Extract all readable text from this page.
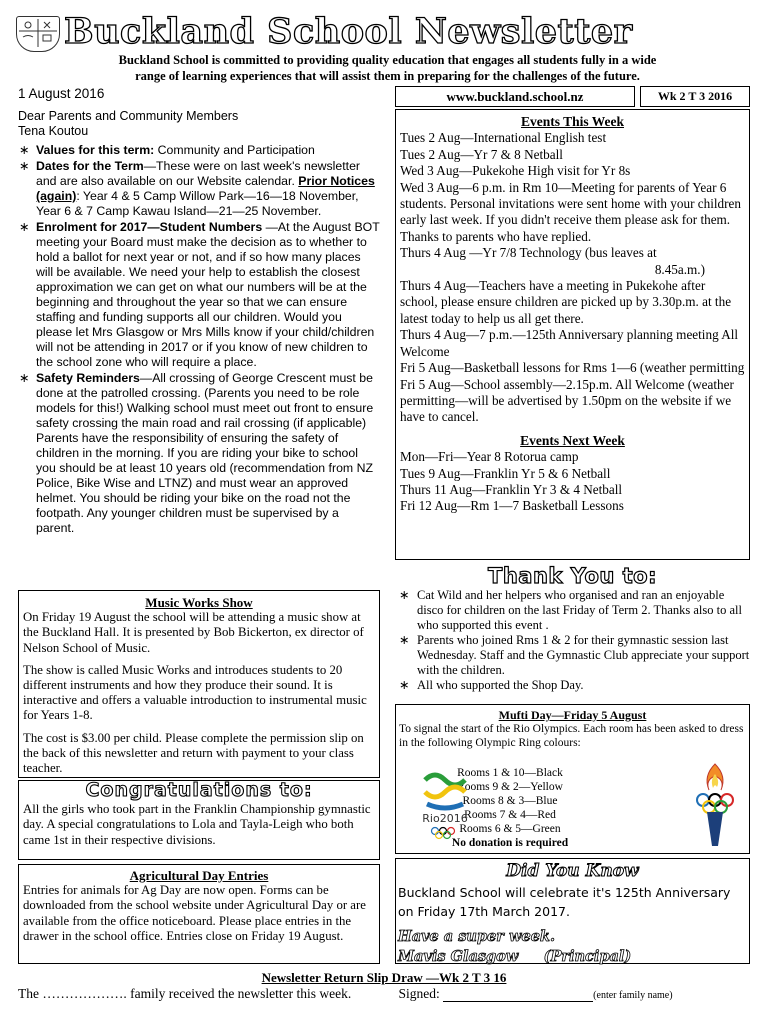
Buckland School Newsletter
Buckland School is committed to providing quality education that engages all students fully in a wide
range of learning experiences that will assist them in preparing for the challenges of the future.
1 August 2016
Dear Parents and Community Members
Tena Koutou
∗ Values for this term: Community and Participation
∗ Dates for the Term—These were on last week's newsletter and are also available on our Website calendar. Prior Notices (again): Year 4 & 5 Camp Willow Park—16—18 November, Year 6 & 7 Camp Kawau Island—21—25 November.
∗ Enrolment for 2017—Student Numbers —At the August BOT meeting your Board must make the decision as to whether to hold a ballot for next year or not, and if so how many places will be available. We need your help to establish the closest approximation we can get on what our numbers will be at the beginning and throughout the year so that we can ensure staffing and funding supports all our children. Would you please let Mrs Glasgow or Mrs Mills know if your child/children will not be attending in 2017 or if you know of new children to the school zone who will require a place.
∗ Safety Reminders—All crossing of George Crescent must be done at the patrolled crossing. (Parents you need to be role models for this!) Walking school must meet out front to ensure safety crossing the main road and rail crossing (if applicable) Parents have the responsibility of ensuring the safety of children in the morning. If you are riding your bike to school you should be at least 10 years old (recommendation from NZ Police, Bike Wise and LTNZ) and must wear an approved helmet. You should be riding your bike on the road not the footpath. Any younger children must be supervised by a parent.
www.buckland.school.nz	Wk 2 T 3 2016
Events This Week

Tues 2 Aug—International English test

Tues 2 Aug—Yr 7 & 8 Netball

Wed 3 Aug—Pukekohe High visit for Yr 8s

Wed 3 Aug—6 p.m. in Rm 10—Meeting for parents of Year 6 students. Personal invitations were sent home with your children early last week. If you didn't receive them please ask for them. Thanks to parents who have replied.

Thurs 4 Aug —Yr 7/8 Technology (bus leaves at

8.45a.m.)

Thurs 4 Aug—Teachers have a meeting in Pukekohe after school, please ensure children are picked up by 3.30p.m. at the latest today to help us all get there.

Thurs 4 Aug—7 p.m.—125th Anniversary planning meeting All Welcome

Fri 5 Aug—Basketball lessons for Rms 1—6 (weather permitting

Fri 5 Aug—School assembly—2.15p.m. All Welcome (weather permitting—will be advertised by 1.50pm on the website if we have to cancel.

Events Next Week

Mon—Fri—Year 8 Rotorua camp

Tues 9 Aug—Franklin Yr 5 & 6 Netball

Thurs 11 Aug—Franklin Yr 3 & 4 Netball

Fri 12 Aug—Rm 1—7 Basketball Lessons

Thank You to:
∗ Cat Wild and her helpers who organised and ran an enjoyable disco for children on the last Friday of Term 2. Thanks also to all who supported this event .
∗ Parents who joined Rms 1 & 2 for their gymnastic session last Wednesday. Staff and the Gymnastic Club appreciate your support with the children.
∗ All who supported the Shop Day.
Mufti Day—Friday 5 August
To signal the start of the Rio Olympics. Each room has been asked to dress in the following Olympic Ring colours:
Rooms 1 & 10—Black
Rooms 9 & 2—Yellow
Rooms 8 & 3—Blue
Rooms 7 & 4—Red
Rooms 6 & 5—Green
No donation is required
Rio2016
Did You Know
Buckland School will celebrate it's 125th Anniversary on Friday 17th March 2017.
Have a super week.
Mavis Glasgow (Principal)
Music Works Show

On Friday 19 August the school will be attending a music show at the Buckland Hall. It is presented by Bob Bickerton, ex director of Nelson School of Music.

The show is called Music Works and introduces students to 20 different instruments and how they produce their sound. It is interactive and offers a valuable introduction to instrumental music for Years 1-8.

The cost is $3.00 per child. Please complete the permission slip on the back of this newsletter and return with payment to your class teacher.

Congratulations to:

All the girls who took part in the Franklin Championship gymnastic day. A special congratulations to Lola and Tayla-Leigh who both came 1st in their respective divisions.

Agricultural Day Entries

Entries for animals for Ag Day are now open. Forms can be downloaded from the school website under Agricultural Day or are available from the office noticeboard. Please place entries in the drawer in the school office. Entries close on Friday 19 August.

Newsletter Return Slip Draw —Wk 2 T 3 16
The ………………. family received the newsletter this week.	Signed:	(enter family name)
